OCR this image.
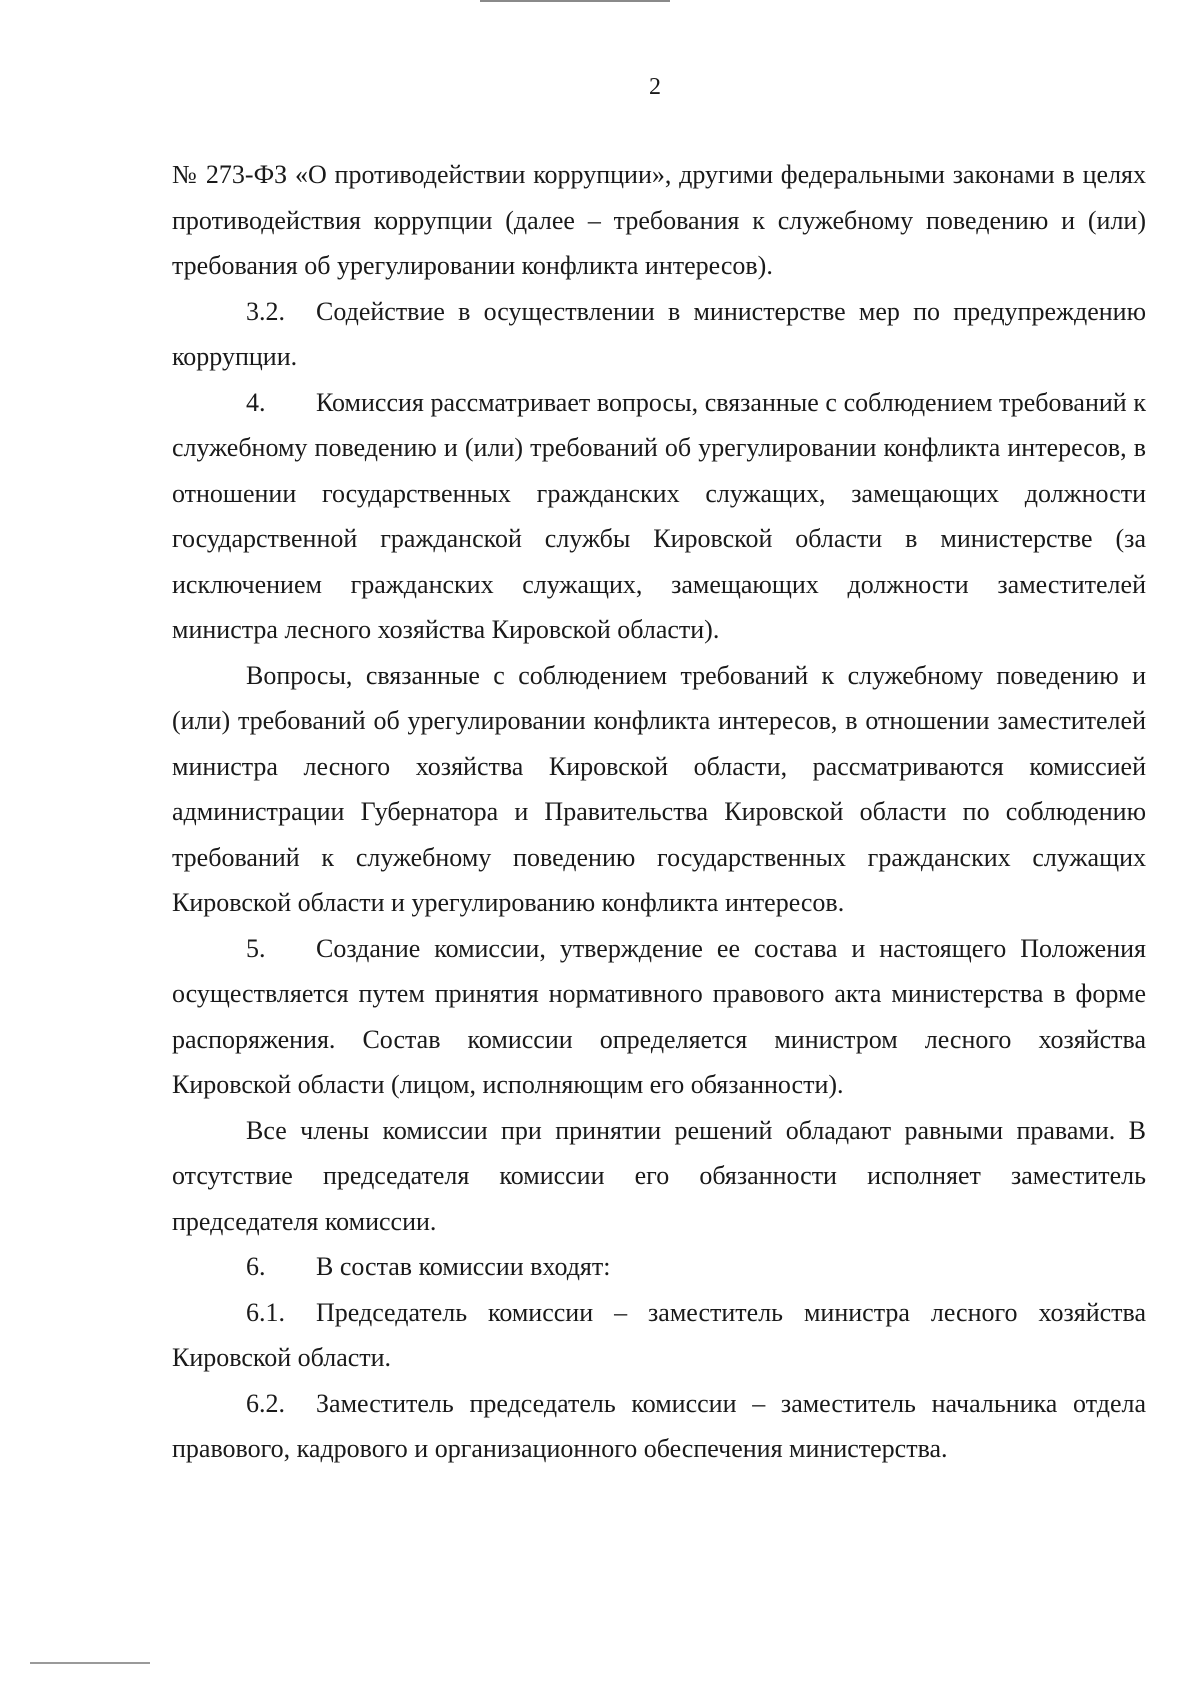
2

№ 273-ФЗ «О противодействии коррупции», другими федеральными законами в целях противодействия коррупции (далее – требования к служебному поведению и (или) требования об урегулировании конфликта интересов).

3.2. Содействие в осуществлении в министерстве мер по предупреждению коррупции.

4. Комиссия рассматривает вопросы, связанные с соблюдением требований к служебному поведению и (или) требований об урегулировании конфликта интересов, в отношении государственных гражданских служащих, замещающих должности государственной гражданской службы Кировской области в министерстве (за исключением гражданских служащих, замещающих должности заместителей министра лесного хозяйства Кировской области).

Вопросы, связанные с соблюдением требований к служебному поведению и (или) требований об урегулировании конфликта интересов, в отношении заместителей министра лесного хозяйства Кировской области, рассматриваются комиссией администрации Губернатора и Правительства Кировской области по соблюдению требований к служебному поведению государственных гражданских служащих Кировской области и урегулированию конфликта интересов.

5. Создание комиссии, утверждение ее состава и настоящего Положения осуществляется путем принятия нормативного правового акта министерства в форме распоряжения. Состав комиссии определяется министром лесного хозяйства Кировской области (лицом, исполняющим его обязанности).

Все члены комиссии при принятии решений обладают равными правами. В отсутствие председателя комиссии его обязанности исполняет заместитель председателя комиссии.

6. В состав комиссии входят:

6.1. Председатель комиссии – заместитель министра лесного хозяйства Кировской области.

6.2. Заместитель председатель комиссии – заместитель начальника отдела правового, кадрового и организационного обеспечения министерства.
